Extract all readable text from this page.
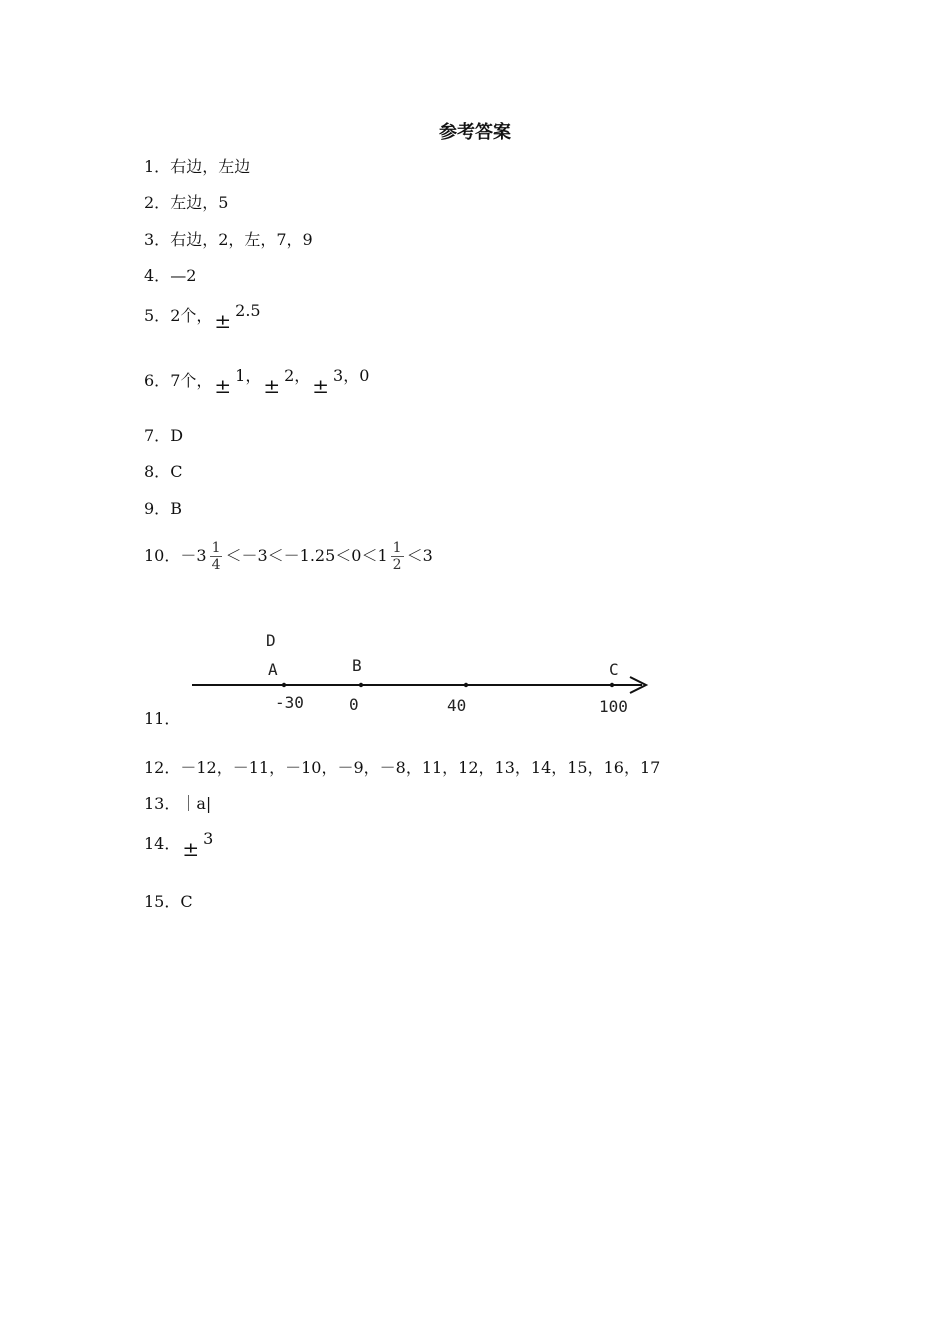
参考答案
1．右边，左边
2．左边，5
3．右边，2，左，7，9
4．—2
5．2个， ± 2.5
6．7个， ± 1， ± 2， ± 3，0
7．D
8．C
9．B
10．$-3 \frac{1}{4} <-3<-1.25<0<1 \frac{1}{2} <3$
D
A	B	C
-30	0	40	100
11．
12．－12，－11，－10，－9，－8，11，12，13，14，15，16，17
13．｜a|
14． ± 3
15．C
